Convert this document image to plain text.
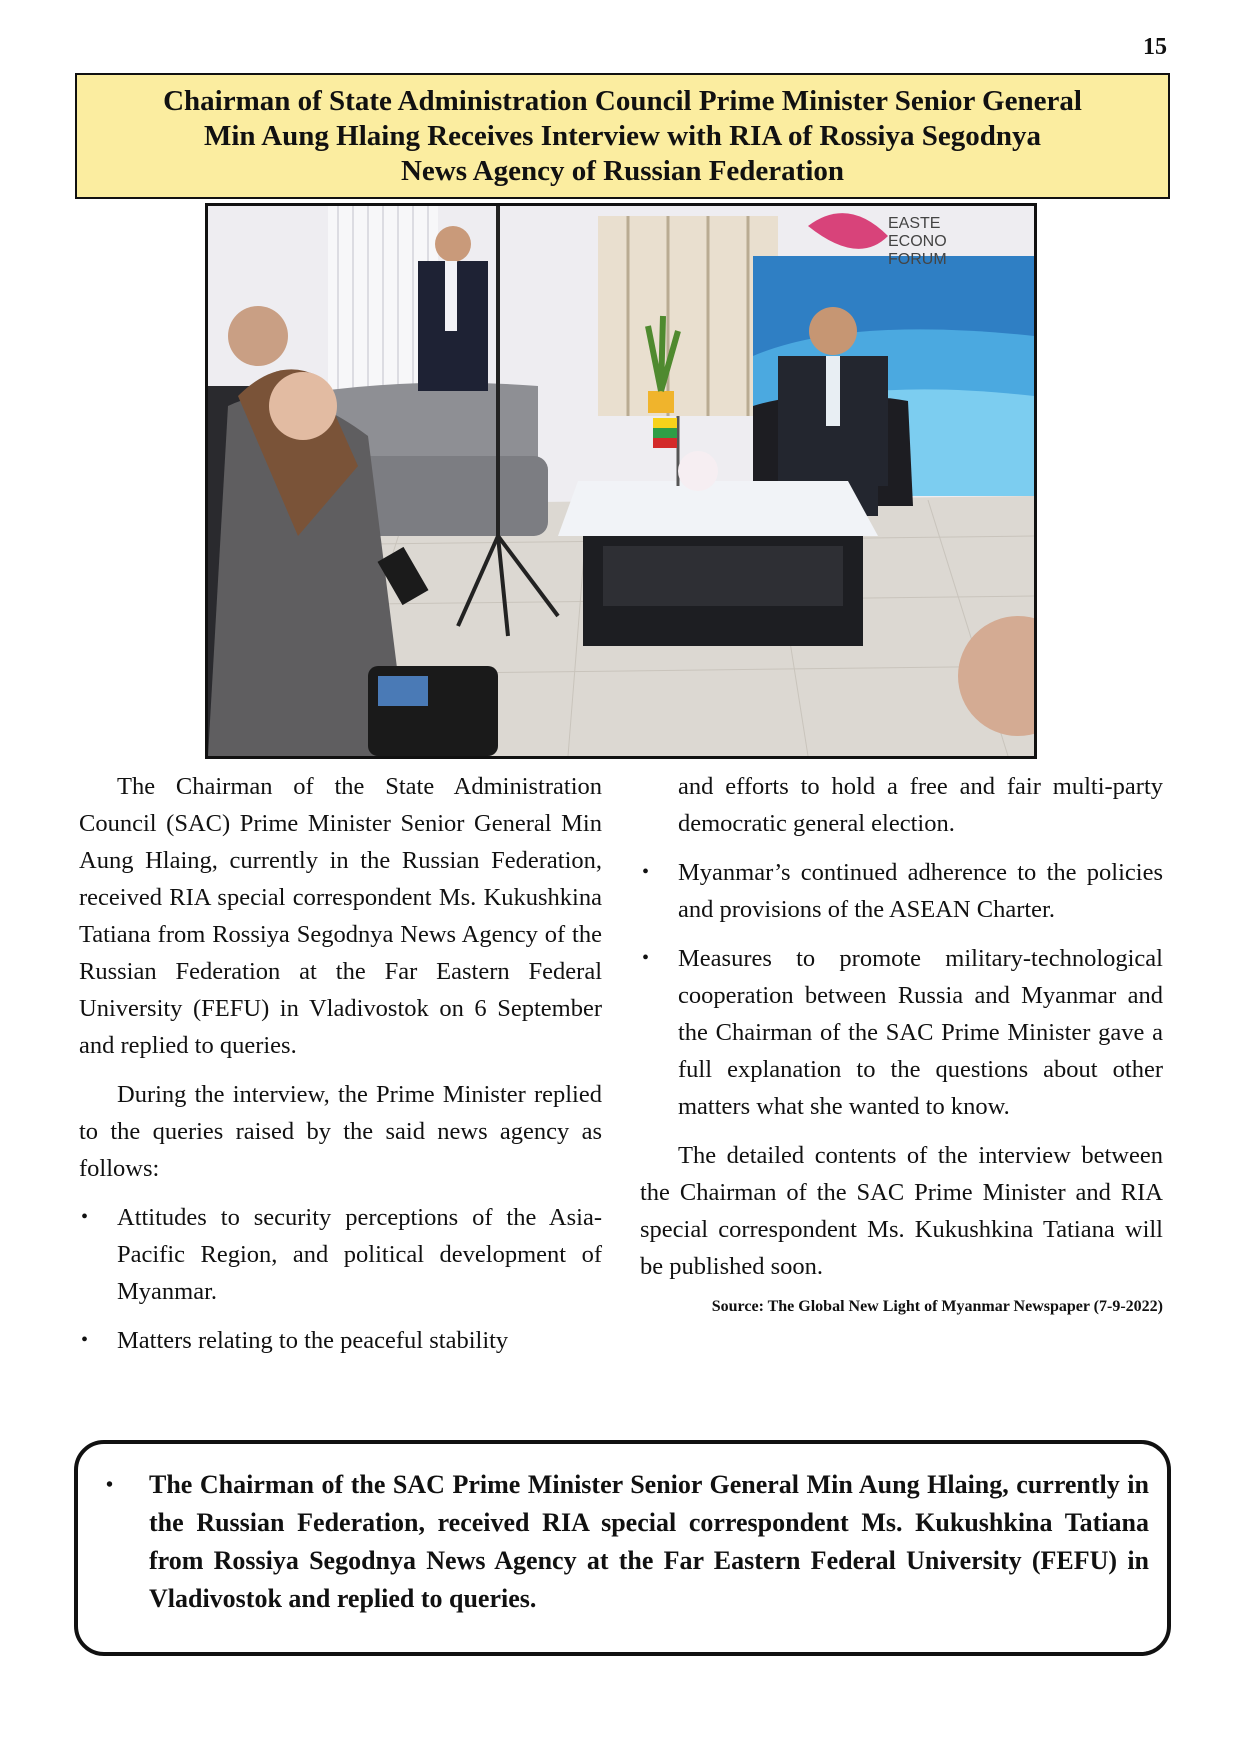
15
Chairman of State Administration Council Prime Minister Senior General
Min Aung Hlaing Receives Interview with RIA of Rossiya Segodnya
News Agency of Russian Federation
EASTE
ECONO
FORUM

The Chairman of the State Administration Council (SAC) Prime Minister Senior General Min Aung Hlaing, currently in the Russian Federation, received RIA special correspondent Ms. Kukushkina Tatiana from Rossiya Segodnya News Agency of the Russian Federation at the Far Eastern Federal University (FEFU) in Vladivostok on 6 September and replied to queries.

During the interview, the Prime Minister replied to the queries raised by the said news agency as follows:

• Attitudes to security perceptions of the Asia-Pacific Region, and political development of Myanmar.
• Matters relating to the peaceful stability
and efforts to hold a free and fair multi-party democratic general election.
• Myanmar’s continued adherence to the policies and provisions of the ASEAN Charter.
• Measures to promote military-technological cooperation between Russia and Myanmar and the Chairman of the SAC Prime Minister gave a full explanation to the questions about other matters what she wanted to know.

The detailed contents of the interview between the Chairman of the SAC Prime Minister and RIA special correspondent Ms. Kukushkina Tatiana will be published soon.

Source: The Global New Light of Myanmar Newspaper (7-9-2022)
• The Chairman of the SAC Prime Minister Senior General Min Aung Hlaing, currently in the Russian Federation, received RIA special correspondent Ms. Kukushkina Tatiana from Rossiya Segodnya News Agency at the Far Eastern Federal University (FEFU) in Vladivostok and replied to queries.
